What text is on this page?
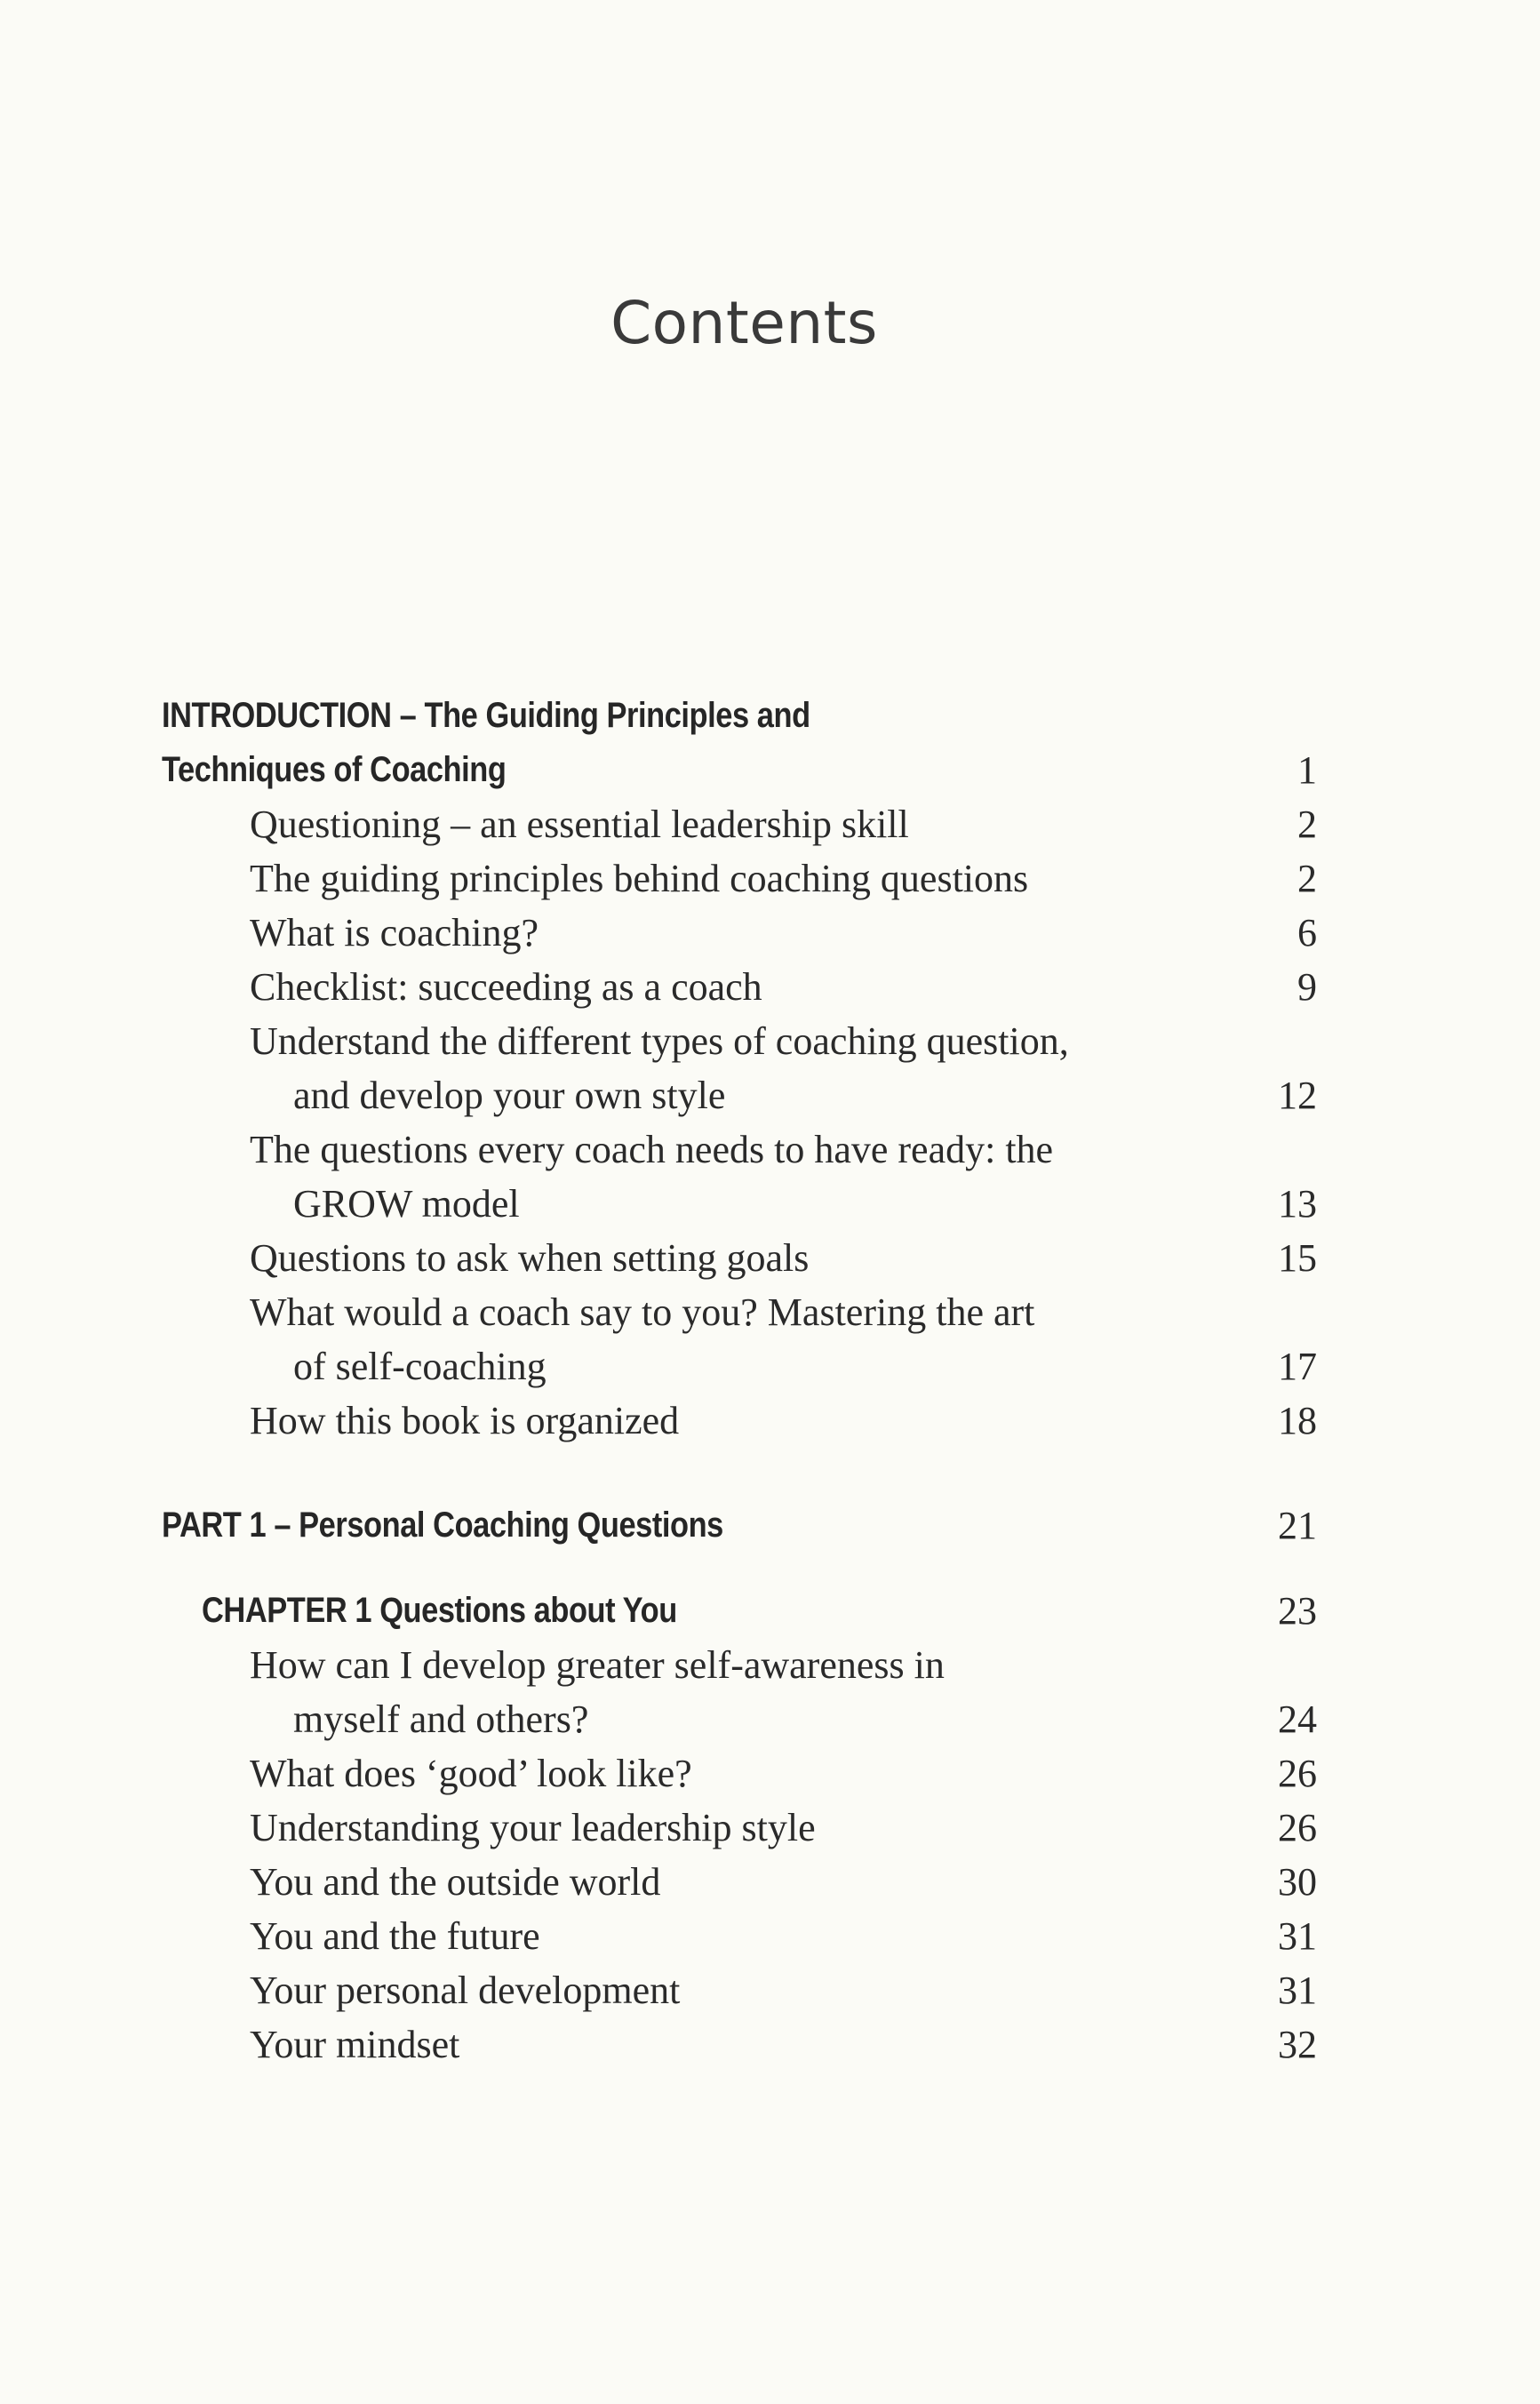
Contents
INTRODUCTION – The Guiding Principles and
Techniques of Coaching	1
Questioning – an essential leadership skill	2
The guiding principles behind coaching questions	2
What is coaching?	6
Checklist: succeeding as a coach	9
Understand the different types of coaching question,
and develop your own style	12
The questions every coach needs to have ready: the
GROW model	13
Questions to ask when setting goals	15
What would a coach say to you? Mastering the art
of self-coaching	17
How this book is organized	18
PART 1 – Personal Coaching Questions	21
CHAPTER 1 Questions about You	23
How can I develop greater self-awareness in
myself and others?	24
What does ‘good’ look like?	26
Understanding your leadership style	26
You and the outside world	30
You and the future	31
Your personal development	31
Your mindset	32
